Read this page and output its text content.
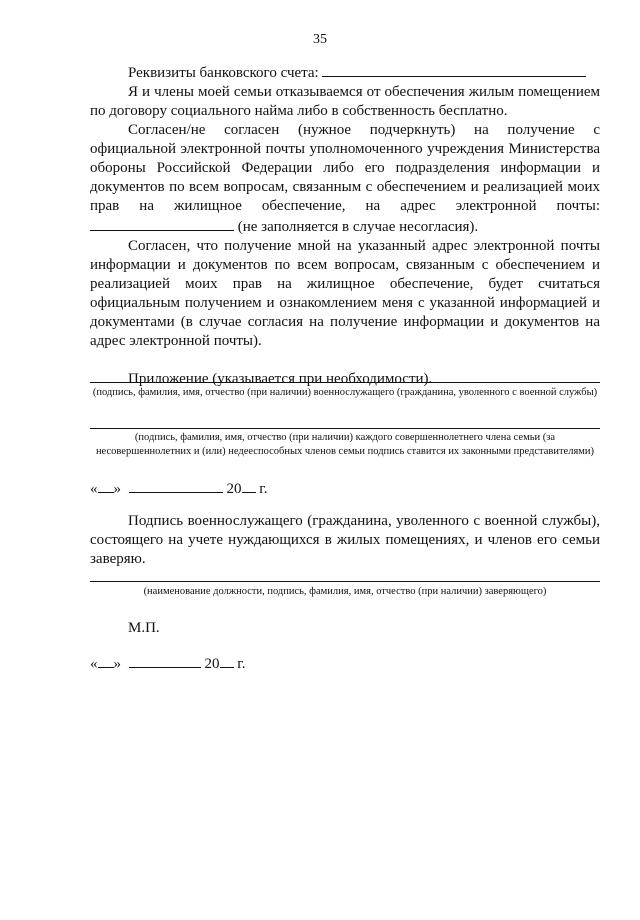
35

Реквизиты банковского счета:

Я и члены моей семьи отказываемся от обеспечения жилым помещением по договору социального найма либо в собственность бесплатно.

Согласен/не согласен (нужное подчеркнуть) на получение с официальной электронной почты уполномоченного учреждения Министерства обороны Российской Федерации либо его подразделения информации и документов по всем вопросам, связанным с обеспечением и реализацией моих прав на жилищное обеспечение, на адрес электронной почты:  (не заполняется в случае несогласия).

Согласен, что получение мной на указанный адрес электронной почты информации и документов по всем вопросам, связанным с обеспечением и реализацией моих прав на жилищное обеспечение, будет считаться официальным получением и ознакомлением меня с указанной информацией и документами (в случае согласия на получение информации и документов на адрес электронной почты).

Приложение (указывается при необходимости).

(подпись, фамилия, имя, отчество (при наличии) военнослужащего (гражданина, уволенного с военной службы)
(подпись, фамилия, имя, отчество (при наличии) каждого совершеннолетнего члена семьи (за несовершеннолетних и (или) недееспособных членов семьи подпись ставится их законными представителями)
« »	20 г.

Подпись военнослужащего (гражданина, уволенного с военной службы), состоящего на учете нуждающихся в жилых помещениях, и членов его семьи заверяю.

(наименование должности, подпись, фамилия, имя, отчество (при наличии) заверяющего)
М.П.
« »	20 г.
